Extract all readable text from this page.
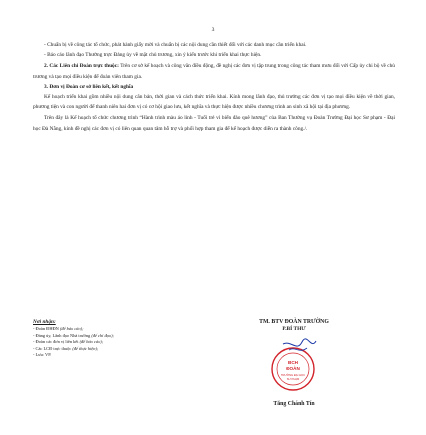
3

- Chuẩn bị về công tác tổ chức, phát hành giấy mời và chuẩn bị các nội dung cần thiết đối với các danh mục cần triển khai.

- Báo cáo lãnh đạo Thường trực Đảng ủy về mặt chủ trương, xin ý kiến trước khi triển khai thực hiện.

2. Các Liên chi Đoàn trực thuộc: Trên cơ sở kế hoạch và công văn điều động, đề nghị các đơn vị tập trung trong công tác tham mưu đối với Cấp ủy chi bộ về chủ trương và tạo mọi điều kiện để đoàn viên tham gia.

3. Đơn vị Đoàn cơ sở liên kết, kết nghĩa

Kế hoạch triển khai gồm nhiều nội dung căn bản, thời gian và cách thức triển khai. Kính mong lãnh đạo, thủ trưởng các đơn vị tạo mọi điều kiện về thời gian, phương tiện và con người để thanh niên hai đơn vị có cơ hội giao lưu, kết nghĩa và thực hiện được nhiều chương trình an sinh xã hội tại địa phương.

Trên đây là Kế hoạch tổ chức chương trình “Hành trình màu áo lính - Tuổi trẻ vì biển đảo quê hương” của Ban Thường vụ Đoàn Trường Đại học Sư phạm - Đại học Đà Nẵng, kính đề nghị các đơn vị có liên quan quan tâm hỗ trợ và phối hợp tham gia để kế hoạch được diễn ra thành công./.

Nơi nhận:
- Đoàn ĐHĐN (để báo cáo);
- Đảng ủy, Lãnh đạo Nhà trường (để chỉ đạo);
- Đoàn các đơn vị liên kết (để báo cáo);
- Các LCĐ trực thuộc (để thực hiện);
- Lưu: VP.
TM. BTV ĐOÀN TRƯỜNG
P.BÍ THƯ
BCH
ĐOÀN
TRƯỜNG ĐẠI HỌC
SƯ PHẠM
Tăng Chánh Tín
